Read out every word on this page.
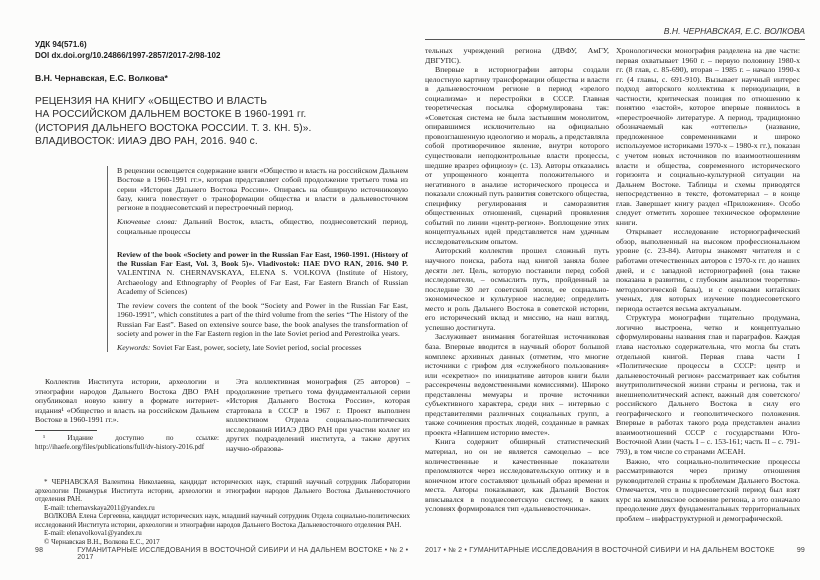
УДК 94(571.6)
DOI dx.doi.org/10.24866/1997-2857/2017-2/98-102
В.Н. Чернавская, Е.С. Волкова*
РЕЦЕНЗИЯ НА КНИГУ «ОБЩЕСТВО И ВЛАСТЬ
НА РОССИЙСКОМ ДАЛЬНЕМ ВОСТОКЕ В 1960-1991 гг.
(ИСТОРИЯ ДАЛЬНЕГО ВОСТОКА РОССИИ. Т. 3. КН. 5)».
ВЛАДИВОСТОК: ИИАЭ ДВО РАН, 2016. 940 с.

В рецензии освещается содержание книги «Общество и власть на российском Дальнем Востоке в 1960-1991 гг.», которая представляет собой продолжение третьего тома из серии «История Дальнего Востока России». Опираясь на обширную источниковую базу, книга повествует о трансформации общества и власти в дальневосточном регионе в позднесоветский и перестроечный период.

Ключевые слова: Дальний Восток, власть, общество, позднесоветский период, социальные процессы

Review of the book «Society and power in the Russian Far East, 1960-1991. (History of the Russian Far East, Vol. 3, Book 5)». Vladivostok: IIAE DVO RAN, 2016. 940 P. VALENTINA N. CHERNAVSKAYA, ELENA S. VOLKOVA (Institute of History, Archaeology and Ethnography of Peoples of Far East, Far Eastern Branch of Russian Academy of Sciences)

The review covers the content of the book “Society and Power in the Russian Far East, 1960-1991”, which constitutes a part of the third volume from the series “The History of the Russian Far East”. Based on extensive source base, the book analyses the transformation of society and power in the Far Eastern region in the late Soviet period and Perestroika years.

Keywords: Soviet Far East, power, society, late Soviet period, social processes

Коллектив Института истории, археологии и этнографии народов Дальнего Востока ДВО РАН опубликовал новую книгу в формате интернет-издания¹ «Общество и власть на российском Дальнем Востоке в 1960-1991 гг.».

¹ Издание доступно по ссылке: http://ihaefe.org/files/publications/full/dv-history-2016.pdf

Эта коллективная монография (25 авторов) – продолжение третьего тома фундаментальной серии «История Дальнего Востока России», которая стартовала в СССР в 1967 г. Проект выполнен коллективом Отдела социально-политических исследований ИИАЭ ДВО РАН при участии коллег из других подразделений института, а также других научно-образова-

* ЧЕРНАВСКАЯ Валентина Николаевна, кандидат исторических наук, старший научный сотрудник Лаборатории археологии Приамурья Института истории, археологии и этнографии народов Дальнего Востока Дальневосточного отделения РАН.

E-mail: tchernavskaya2011@yandex.ru

ВОЛКОВА Елена Сергеевна, кандидат исторических наук, младший научный сотрудник Отдела социально-политических исследований Института истории, археологии и этнографии народов Дальнего Востока Дальневосточного отделения РАН.

E-mail: elenavolkova1@yandex.ru

© Чернавская В.Н., Волкова Е.С., 2017

98	ГУМАНИТАРНЫЕ ИССЛЕДОВАНИЯ В ВОСТОЧНОЙ СИБИРИ И НА ДАЛЬНЕМ ВОСТОКЕ • № 2 • 2017
В.Н. ЧЕРНАВСКАЯ, Е.С. ВОЛКОВА

тельных учреждений региона (ДВФУ, АмГУ, ДВГУПС).

Впервые в историографии авторы создали целостную картину трансформации общества и власти в дальневосточном регионе в период «зрелого социализма» и перестройки в СССР. Главная теоретическая посылка сформулирована так: «Советская система не была застывшим монолитом, опиравшимся исключительно на официально провозглашенную идеологию и мораль, а представляла собой противоречивое явление, внутри которого существовали неподконтрольные власти процессы, шедшие вразрез официозу» (с. 13). Авторы отказались от упрощенного концепта положительного и негативного в анализе исторического процесса и показали сложный путь развития советского общества, специфику регулирования и саморазвития общественных отношений, сценарий проявления событий по линии «центр-регион». Воплощение этих концептуальных идей представляется нам удачным исследовательским опытом.

Авторский коллектив прошел сложный путь научного поиска, работа над книгой заняла более десяти лет. Цель, которую поставили перед собой исследователи, – осмыслить путь, пройденный за последние 30 лет советской эпохи, ее социально-экономическое и культурное наследие; определить место и роль Дальнего Востока в советской истории, его исторический вклад и миссию, на наш взгляд, успешно достигнута.

Заслуживает внимания богатейшая источниковая база. Впервые вводится в научный оборот большой комплекс архивных данных (отметим, что многие источники с грифом для «служебного пользования» или «секретно» по инициативе авторов книги были рассекречены ведомственными комиссиями). Широко представлены мемуары и прочие источники субъективного характера, среди них – интервью с представителями различных социальных групп, а также сочинения простых людей, созданные в рамках проекта «Напишем историю вместе».

Книга содержит обширный статистический материал, но он не является самоцелью – все количественные и качественные показатели преломляются через исследовательскую оптику и в конечном итоге составляют цельный образ времени и места. Авторы показывают, как Дальний Восток вписывался в позднесоветскую систему, в каких условиях формировался тип «дальневосточника».

Хронологически монография разделена на две части: первая охватывает 1960 г. – первую половину 1980-х гг. (8 глав, с. 85-690), вторая – 1985 г. – начало 1990-х гг. (4 главы, с. 691-910). Вызывает научный интерес подход авторского коллектива к периодизации, в частности, критическая позиция по отношению к понятию «застой», которое впервые появилось в «перестроечной» литературе. А период, традиционно обозначаемый как «оттепель» (название, предложенное современниками и широко используемое историками 1970-х – 1980-х гг.), показан с учетом новых источников по взаимоотношениям власти и общества, современного исторического горизонта и социально-культурной ситуации на Дальнем Востоке. Таблицы и схемы приводятся непосредственно в тексте, фотоматериал – в конце глав. Завершает книгу раздел «Приложения». Особо следует отметить хорошее техническое оформление книги.

Открывает исследование историографический обзор, выполненный на высоком профессиональном уровне (с. 23-84). Авторы знакомят читателя и с работами отечественных авторов с 1970-х гг. до наших дней, и с западной историографией (она также показана в развитии, с глубоким анализом теоретико-методологической базы), и с оценками китайских ученых, для которых изучение позднесоветского периода остается весьма актуальным.

Структура монографии тщательно продумана, логично выстроена, четко и концептуально сформулированы названия глав и параграфов. Каждая глава настолько содержательна, что могла бы стать отдельной книгой. Первая глава части I «Политические процессы в СССР: центр и дальневосточный регион» рассматривает как события внутриполитической жизни страны и региона, так и внешнеполитический аспект, важный для советского/российского Дальнего Востока в силу его географического и геополитического положения. Впервые в работах такого рода представлен анализ взаимоотношений СССР с государствами Юго-Восточной Азии (часть I – с. 153-161; часть II – с. 791-793), в том числе со странами АСЕАН.

Важно, что социально-политические процессы рассматриваются через призму отношения руководителей страны к проблемам Дальнего Востока. Отмечается, что в позднесоветский период был взят курс на комплексное освоение региона, а это означало преодоление двух фундаментальных территориальных проблем – инфраструктурной и демографической.

2017 • № 2 • ГУМАНИТАРНЫЕ ИССЛЕДОВАНИЯ В ВОСТОЧНОЙ СИБИРИ И НА ДАЛЬНЕМ ВОСТОКЕ	99
